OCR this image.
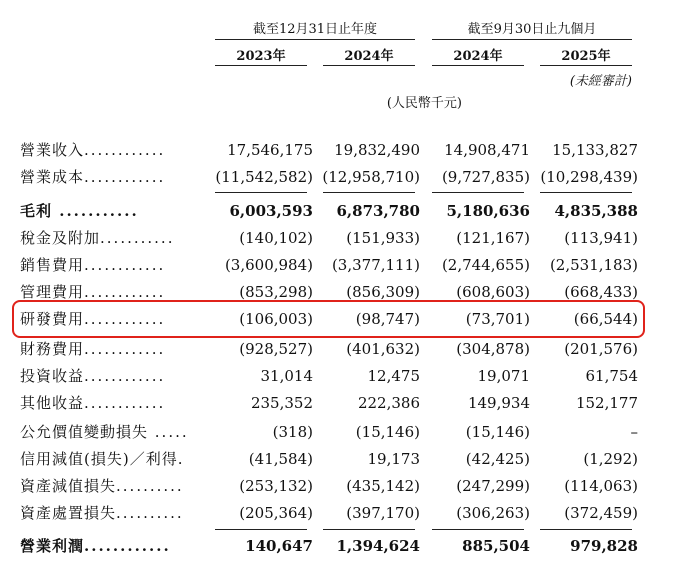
截至12月31日止年度	截至9月30日止九個月
2023年	2024年	2024年	2025年
(未經審計)
(人民幣千元)
營業收入............	17,546,175 19,832,490 14,908,471 15,133,827
營業成本............	(11,542,582) (12,958,710) (9,727,835) (10,298,439)
毛利 ...........	6,003,593 6,873,780 5,180,636 4,835,388
稅金及附加...........	(140,102) (151,933) (121,167) (113,941)
銷售費用............	(3,600,984) (3,377,111) (2,744,655) (2,531,183)
管理費用............	(853,298) (856,309) (608,603) (668,433)
研發費用............	(106,003)	(98,747)	(73,701)	(66,544)
財務費用............	(928,527) (401,632) (304,878) (201,576)
投資收益............	31,014	12,475	19,071	61,754
其他收益............	235,352	222,386	149,934	152,177
公允價值變動損失 .....	(318)	(15,146)	(15,146)	–
信用減值(損失)／利得.	(41,584)	19,173	(42,425)	(1,292)
資產減值損失..........	(253,132) (435,142) (247,299) (114,063)
資產處置損失..........	(205,364) (397,170) (306,263) (372,459)
營業利潤............	140,647 1,394,624	885,504	979,828
